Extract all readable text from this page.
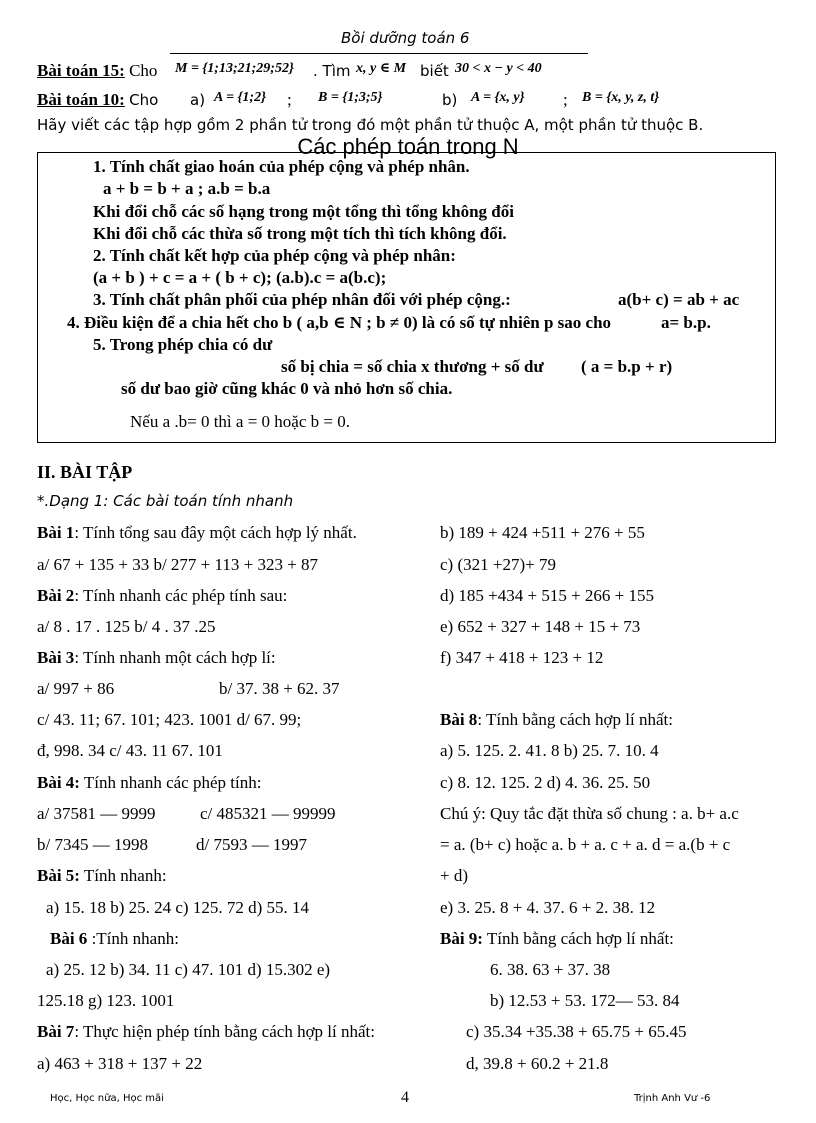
Bồi dưỡng toán 6
Bài toán 15: Cho M = {1;13;21;29;52} . Tìm x, y ∈ M biết 30 < x − y < 40
Bài toán 10: Cho a) A = {1;2} ; B = {1;3;5}	b) A = {x, y} ; B = {x, y, z, t}
Hãy viết các tập hợp gồm 2 phần tử trong đó một phần tử thuộc A, một phần tử thuộc B.
Các phép toán trong N
1. Tính chất giao hoán của phép cộng và phép nhân.
a + b = b + a ; a.b = b.a
Khi đổi chỗ các số hạng trong một tổng thì tổng không đổi
Khi đổi chỗ các thừa số trong một tích thì tích không đổi.
2. Tính chất kết hợp của phép cộng và phép nhân:
(a + b ) + c = a + ( b + c); (a.b).c = a(b.c);
3. Tính chất phân phối của phép nhân đối với phép cộng.:	a(b+ c) = ab + ac
4. Điều kiện để a chia hết cho b ( a,b ∈ N ; b ≠ 0) là có số tự nhiên p sao cho	a= b.p.
5. Trong phép chia có dư
số bị chia = số chia x thương + số dư ( a = b.p + r)
số dư bao giờ cũng khác 0 và nhỏ hơn số chia.
Nếu a .b= 0 thì a = 0 hoặc b = 0.
II. BÀI TẬP
*.Dạng 1: Các bài toán tính nhanh
Bài 1: Tính tổng sau đây một cách hợp lý nhất.
a/ 67 + 135 + 33 b/ 277 + 113 + 323 + 87
Bài 2: Tính nhanh các phép tính sau:
a/ 8 . 17 . 125 b/ 4 . 37 .25
Bài 3: Tính nhanh một cách hợp lí:
a/ 997 + 86	b/ 37. 38 + 62. 37
c/ 43. 11; 67. 101; 423. 1001 d/ 67. 99;
đ, 998. 34 c/ 43. 11 67. 101
Bài 4: Tính nhanh các phép tính:
a/ 37581 — 9999	c/ 485321 — 99999
b/ 7345 — 1998	d/ 7593 — 1997
Bài 5: Tính nhanh:
a) 15. 18 b) 25. 24 c) 125. 72 d) 55. 14
Bài 6 :Tính nhanh:
a) 25. 12 b) 34. 11 c) 47. 101 d) 15.302 e)
125.18 g) 123. 1001
Bài 7: Thực hiện phép tính bằng cách hợp lí nhất:
a) 463 + 318 + 137 + 22
b) 189 + 424 +511 + 276 + 55
c) (321 +27)+ 79
d) 185 +434 + 515 + 266 + 155
e) 652 + 327 + 148 + 15 + 73
f) 347 + 418 + 123 + 12
Bài 8: Tính bằng cách hợp lí nhất:
a) 5. 125. 2. 41. 8 b) 25. 7. 10. 4
c) 8. 12. 125. 2 d) 4. 36. 25. 50
Chú ý: Quy tắc đặt thừa số chung : a. b+ a.c
= a. (b+ c) hoặc a. b + a. c + a. d = a.(b + c
+ d)
e) 3. 25. 8 + 4. 37. 6 + 2. 38. 12
Bài 9: Tính bằng cách hợp lí nhất:
6. 38. 63 + 37. 38
b) 12.53 + 53. 172— 53. 84
c) 35.34 +35.38 + 65.75 + 65.45
d, 39.8 + 60.2 + 21.8
Học, Học nữa, Học mãi	4	Trịnh Anh Vư -6
